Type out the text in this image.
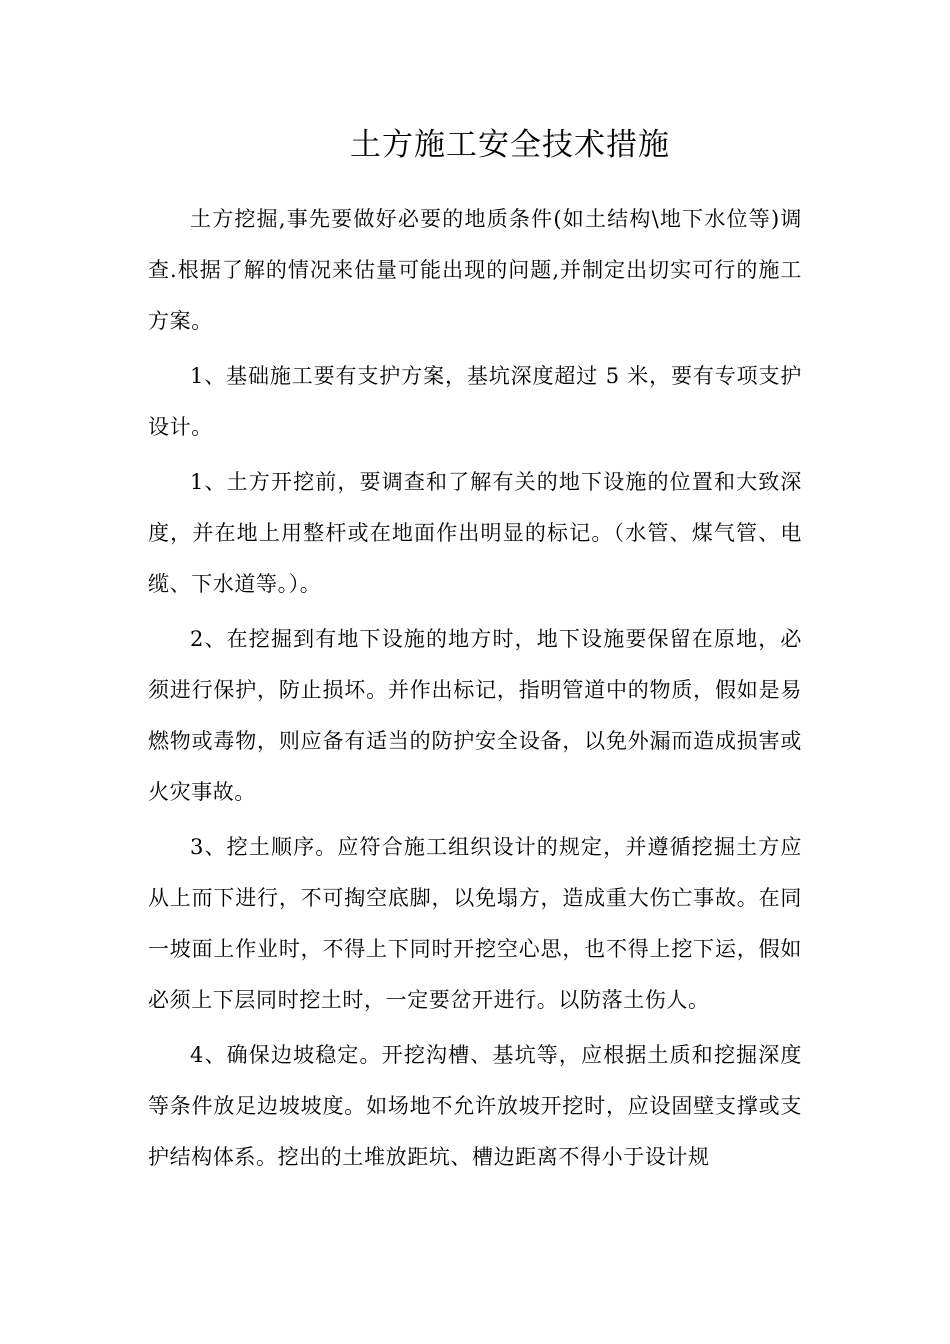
土方施工安全技术措施

土方挖掘,事先要做好必要的地质条件(如土结构\地下水位等)调查.根据了解的情况来估量可能出现的问题,并制定出切实可行的施工方案。

1、基础施工要有支护方案，基坑深度超过 5 米，要有专项支护设计。

1、土方开挖前，要调查和了解有关的地下设施的位置和大致深度，并在地上用整杆或在地面作出明显的标记。（水管、煤气管、电缆、下水道等。）。

2、在挖掘到有地下设施的地方时，地下设施要保留在原地，必须进行保护，防止损坏。并作出标记，指明管道中的物质，假如是易燃物或毒物，则应备有适当的防护安全设备，以免外漏而造成损害或火灾事故。

3、挖土顺序。应符合施工组织设计的规定，并遵循挖掘土方应从上而下进行，不可掏空底脚，以免塌方，造成重大伤亡事故。在同一坡面上作业时，不得上下同时开挖空心思，也不得上挖下运，假如必须上下层同时挖土时，一定要岔开进行。以防落土伤人。

4、确保边坡稳定。开挖沟槽、基坑等，应根据土质和挖掘深度等条件放足边坡坡度。如场地不允许放坡开挖时，应设固壁支撑或支护结构体系。挖出的土堆放距坑、槽边距离不得小于设计规
